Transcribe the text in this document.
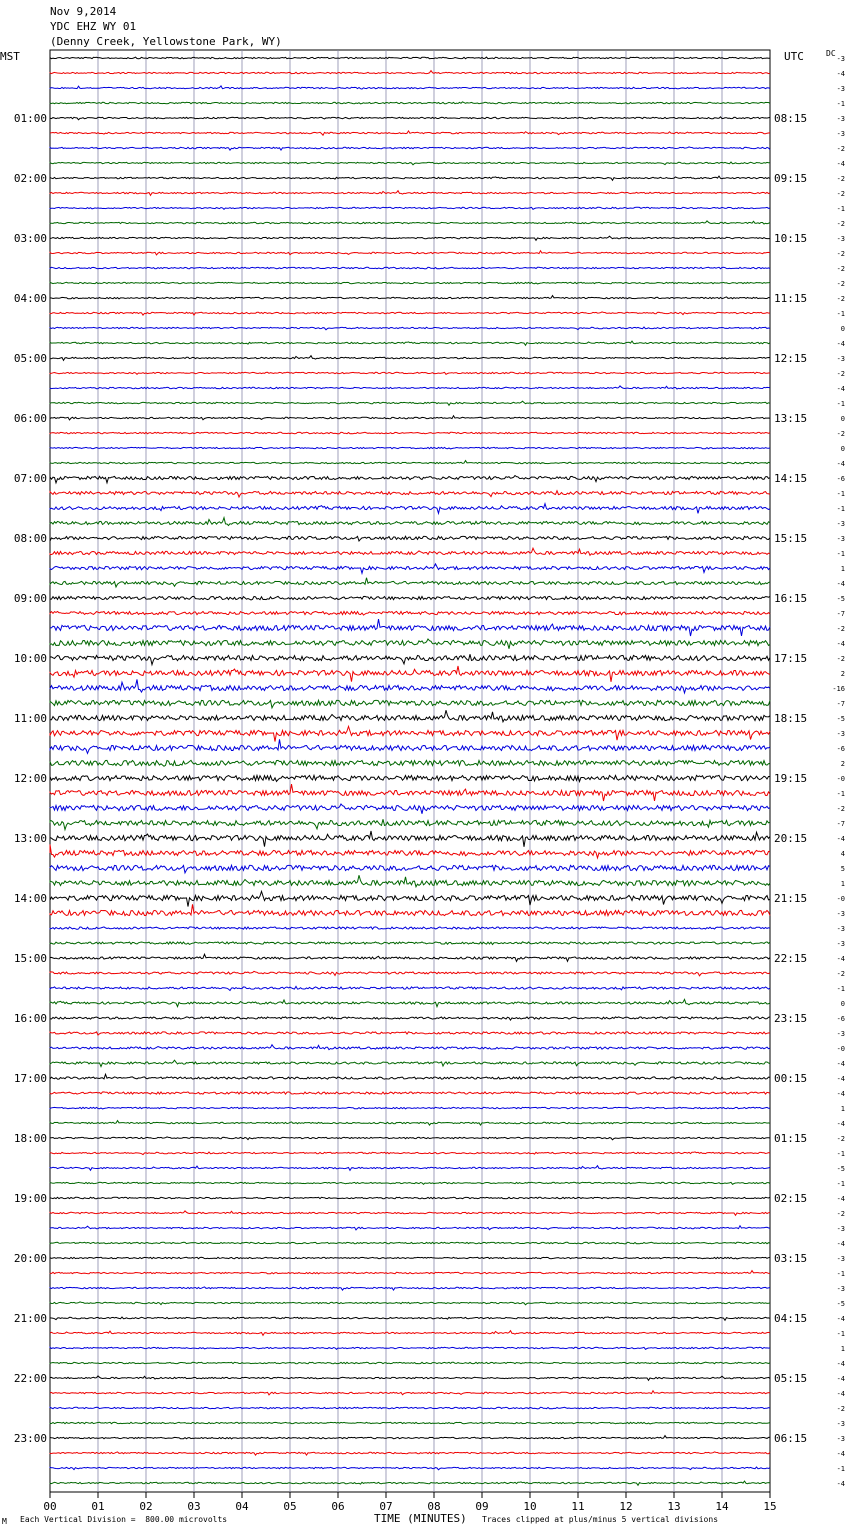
Nov 9,2014
YDC EHZ WY 01
(Denny Creek, Yellowstone Park, WY)
MST	UTC	DC
00	01	02	03	04	05	06	07	08	09	10	11	12	13	14	15
-3
-4
-3
-1
-3
-3
-2
-4
-2
-2
-1
-2
-3
-2
-2
-2
-2
-1
0
-4
-3
-2
-4
-1
0
-2
0
-4
-6
-1
-1
-3
-3
-1
1
-4
-5
-7
-2
-4
-2
2
-16
-7
-5
-3
-6
2
-0
-1
-2
-7
-4
4
5
1
-0
-3
-3
-3
-4
-2
-1
0
-6
-3
-0
-4
-4
-4
1
-4
-2
-1
-5
-1
-4
-2
-3
-4
-3
-1
-3
-5
-4
-1
1
-4
-4
-4
-2
-3
-3
-4
-1
-4
01:00	08:15
02:00	09:15
03:00	10:15
04:00	11:15
05:00	12:15
06:00	13:15
07:00	14:15
08:00	15:15
09:00	16:15
10:00	17:15
11:00	18:15
12:00	19:15
13:00	20:15
14:00	21:15
15:00	22:15
16:00	23:15
17:00	00:15
18:00	01:15
19:00	02:15
20:00	03:15
21:00	04:15
22:00	05:15
23:00	06:15
Each Vertical Division =  800.00 microvolts	TIME (MINUTES) Traces clipped at plus/minus 5 vertical divisions
M
